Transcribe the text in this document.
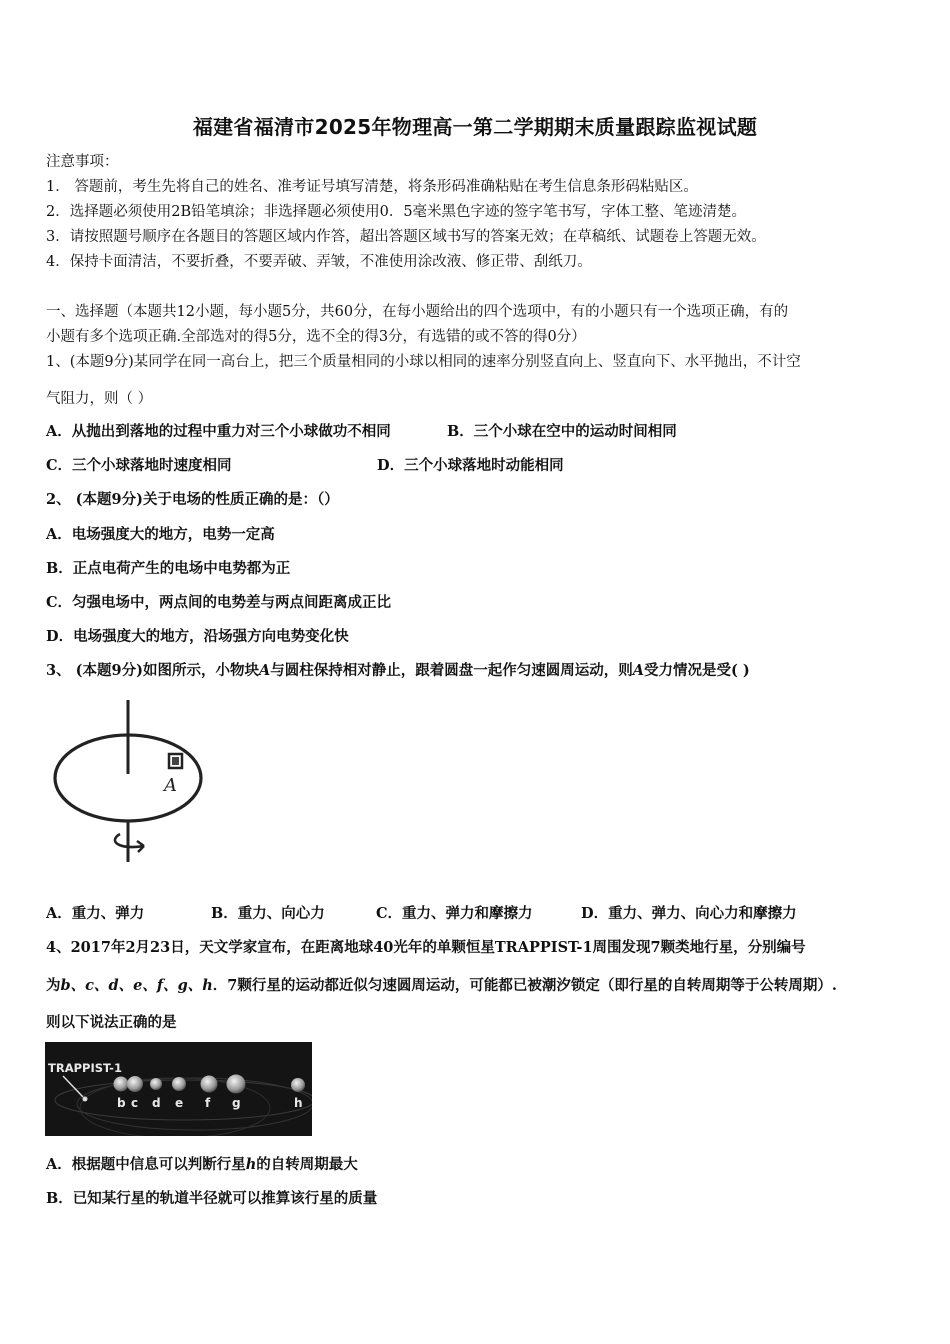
福建省福清市2025年物理高一第二学期期末质量跟踪监视试题
注意事项：
1． 答题前，考生先将自己的姓名、准考证号填写清楚，将条形码准确粘贴在考生信息条形码粘贴区。
2．选择题必须使用2B铅笔填涂；非选择题必须使用0．5毫米黑色字迹的签字笔书写，字体工整、笔迹清楚。
3．请按照题号顺序在各题目的答题区域内作答，超出答题区域书写的答案无效；在草稿纸、试题卷上答题无效。
4．保持卡面清洁，不要折叠，不要弄破、弄皱，不准使用涂改液、修正带、刮纸刀。
一、选择题（本题共12小题，每小题5分，共60分，在每小题给出的四个选项中，有的小题只有一个选项正确，有的
小题有多个选项正确.全部选对的得5分，选不全的得3分，有选错的或不答的得0分）
1、(本题9分)某同学在同一高台上，把三个质量相同的小球以相同的速率分别竖直向上、竖直向下、水平抛出，不计空
气阻力，则（ ）
A．从抛出到落地的过程中重力对三个小球做功不相同	B．三个小球在空中的运动时间相同
C．三个小球落地时速度相同	D．三个小球落地时动能相同
2、 (本题9分)关于电场的性质正确的是：（）
A．电场强度大的地方，电势一定高
B．正点电荷产生的电场中电势都为正
C．匀强电场中，两点间的电势差与两点间距离成正比
D．电场强度大的地方，沿场强方向电势变化快
3、 (本题9分)如图所示，小物块A与圆柱保持相对静止，跟着圆盘一起作匀速圆周运动，则A受力情况是受( )
A
A．重力、弹力	B．重力、向心力	C．重力、弹力和摩擦力	D．重力、弹力、向心力和摩擦力
4、2017年2月23日，天文学家宣布，在距离地球40光年的单颗恒星TRAPPIST-1周围发现7颗类地行星，分别编号
为b、c、d、e、f、g、h．7颗行星的运动都近似匀速圆周运动，可能都已被潮汐锁定（即行星的自转周期等于公转周期）.
则以下说法正确的是
TRAPPIST-1
b c d e f g	h
A．根据题中信息可以判断行星h的自转周期最大
B．已知某行星的轨道半径就可以推算该行星的质量
